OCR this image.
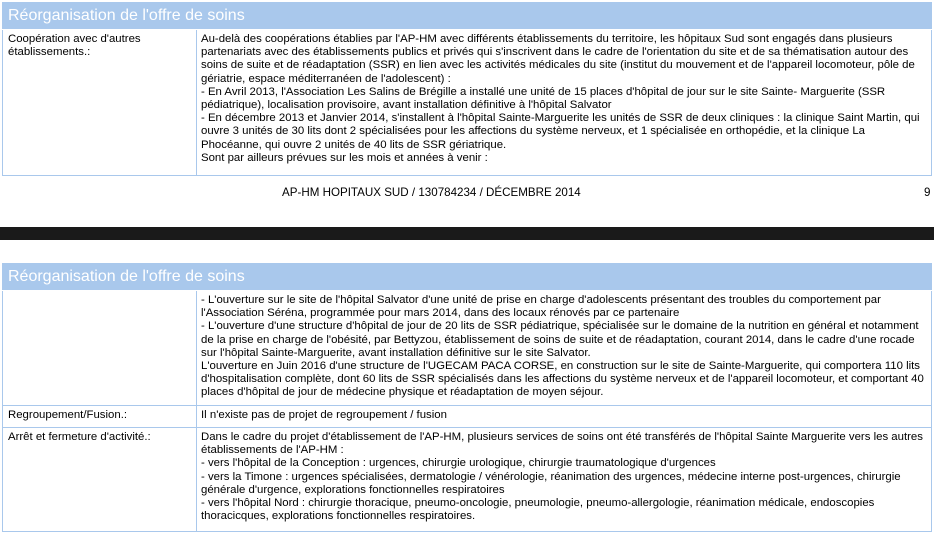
Réorganisation de l'offre de soins
Coopération avec d'autres établissements.:
Au-delà des coopérations établies par l'AP-HM avec différents établissements du territoire, les hôpitaux Sud sont engagés dans plusieurs partenariats avec des établissements publics et privés qui s'inscrivent dans le cadre de l'orientation du site et de sa thématisation autour des soins de suite et de réadaptation (SSR) en lien avec les activités médicales du site (institut du mouvement et de l'appareil locomoteur, pôle de gériatrie, espace méditerranéen de l'adolescent) :
- En Avril 2013, l'Association Les Salins de Brégille a installé une unité de 15 places d'hôpital de jour sur le site Sainte- Marguerite (SSR pédiatrique), localisation provisoire, avant installation définitive à l'hôpital Salvator
- En décembre 2013 et Janvier 2014, s'installent à l'hôpital Sainte-Marguerite les unités de SSR de deux cliniques : la clinique Saint Martin, qui ouvre 3 unités de 30 lits dont 2 spécialisées pour les affections du système nerveux, et 1 spécialisée en orthopédie, et la clinique La Phocéanne, qui ouvre 2 unités de 40 lits de SSR gériatrique.
Sont par ailleurs prévues sur les mois et années à venir :
AP-HM HOPITAUX SUD / 130784234 / DÉCEMBRE 2014	9
Réorganisation de l'offre de soins
- L'ouverture sur le site de l'hôpital Salvator d'une unité de prise en charge d'adolescents présentant des troubles du comportement par l'Association Séréna, programmée pour mars 2014, dans des locaux rénovés par ce partenaire
- L'ouverture d'une structure d'hôpital de jour de 20 lits de SSR pédiatrique, spécialisée sur le domaine de la nutrition en général et notamment de la prise en charge de l'obésité, par Bettyzou, établissement de soins de suite et de réadaptation, courant 2014, dans le cadre d'une rocade sur l'hôpital Sainte-Marguerite, avant installation définitive sur le site Salvator.
L'ouverture en Juin 2016 d'une structure de l'UGECAM PACA CORSE, en construction sur le site de Sainte-Marguerite, qui comportera 110 lits d'hospitalisation complète, dont 60 lits de SSR spécialisés dans les affections du système nerveux et de l'appareil locomoteur, et comportant 40 places d'hôpital de jour de médecine physique et réadaptation de moyen séjour.
Regroupement/Fusion.:	Il n'existe pas de projet de regroupement / fusion
Arrêt et fermeture d'activité.:	Dans le cadre du projet d'établissement de l'AP-HM, plusieurs services de soins ont été transférés de l'hôpital Sainte Marguerite vers les autres établissements de l'AP-HM :
- vers l'hôpital de la Conception : urgences, chirurgie urologique, chirurgie traumatologique d'urgences
- vers la Timone : urgences spécialisées, dermatologie / vénérologie, réanimation des urgences, médecine interne post-urgences, chirurgie générale d'urgence, explorations fonctionnelles respiratoires
- vers l'hôpital Nord : chirurgie thoracique, pneumo-oncologie, pneumologie, pneumo-allergologie, réanimation médicale, endoscopies thoracicques, explorations fonctionnelles respiratoires.
